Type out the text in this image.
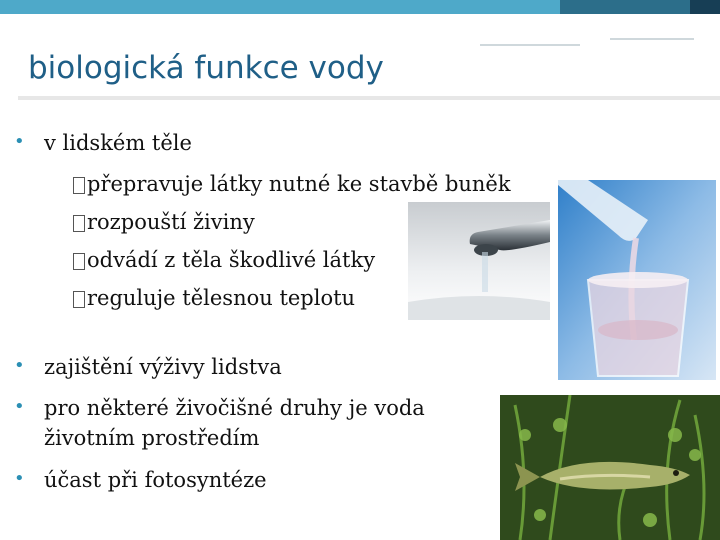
biologická funkce vody
• v lidském těle
přepravuje látky nutné ke stavbě buněk
rozpouští živiny
odvádí z těla škodlivé látky
reguluje tělesnou teplotu
• zajištění výživy lidstva
• pro některé živočišné druhy je voda
životním prostředím
• účast při fotosyntéze
